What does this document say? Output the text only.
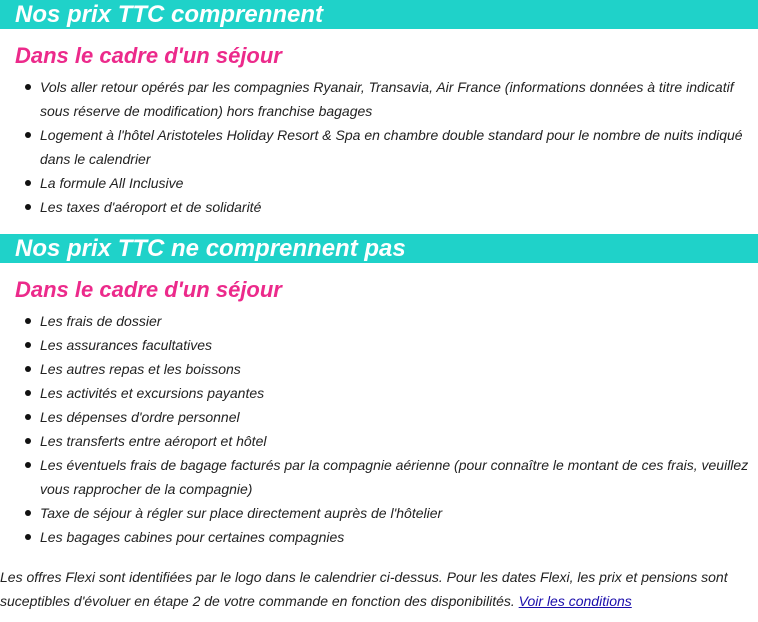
Nos prix TTC comprennent
Dans le cadre d'un séjour
Vols aller retour opérés par les compagnies Ryanair, Transavia, Air France (informations données à titre indicatif sous réserve de modification) hors franchise bagages
Logement à l'hôtel Aristoteles Holiday Resort & Spa en chambre double standard pour le nombre de nuits indiqué dans le calendrier
La formule All Inclusive
Les taxes d'aéroport et de solidarité
Nos prix TTC ne comprennent pas
Dans le cadre d'un séjour
Les frais de dossier
Les assurances facultatives
Les autres repas et les boissons
Les activités et excursions payantes
Les dépenses d'ordre personnel
Les transferts entre aéroport et hôtel
Les éventuels frais de bagage facturés par la compagnie aérienne (pour connaître le montant de ces frais, veuillez vous rapprocher de la compagnie)
Taxe de séjour à régler sur place directement auprès de l'hôtelier
Les bagages cabines pour certaines compagnies

Les offres Flexi sont identifiées par le logo dans le calendrier ci-dessus. Pour les dates Flexi, les prix et pensions sont suceptibles d'évoluer en étape 2 de votre commande en fonction des disponibilités. Voir les conditions
